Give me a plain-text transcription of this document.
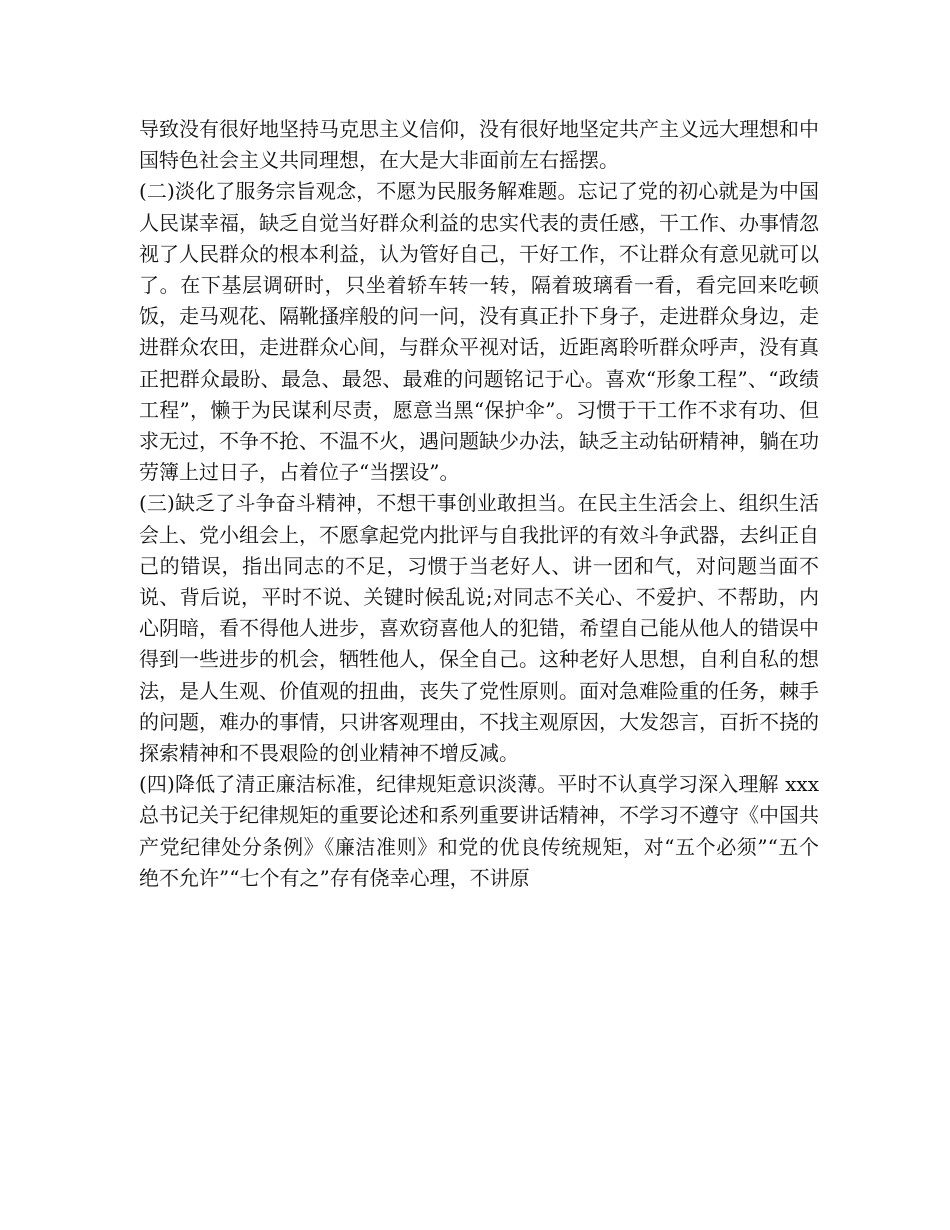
导致没有很好地坚持马克思主义信仰，没有很好地坚定共产主义远大理想和中国特色社会主义共同理想，在大是大非面前左右摇摆。

(二)淡化了服务宗旨观念，不愿为民服务解难题。忘记了党的初心就是为中国人民谋幸福，缺乏自觉当好群众利益的忠实代表的责任感，干工作、办事情忽视了人民群众的根本利益，认为管好自己，干好工作，不让群众有意见就可以了。在下基层调研时，只坐着轿车转一转，隔着玻璃看一看，看完回来吃顿饭，走马观花、隔靴搔痒般的问一问，没有真正扑下身子，走进群众身边，走进群众农田，走进群众心间，与群众平视对话，近距离聆听群众呼声，没有真正把群众最盼、最急、最怨、最难的问题铭记于心。喜欢“形象工程”、“政绩工程”，懒于为民谋利尽责，愿意当黑“保护伞”。习惯于干工作不求有功、但求无过，不争不抢、不温不火，遇问题缺少办法，缺乏主动钻研精神，躺在功劳簿上过日子，占着位子“当摆设”。

(三)缺乏了斗争奋斗精神，不想干事创业敢担当。在民主生活会上、组织生活会上、党小组会上，不愿拿起党内批评与自我批评的有效斗争武器，去纠正自己的错误，指出同志的不足，习惯于当老好人、讲一团和气，对问题当面不说、背后说，平时不说、关键时候乱说;对同志不关心、不爱护、不帮助，内心阴暗，看不得他人进步，喜欢窃喜他人的犯错，希望自己能从他人的错误中得到一些进步的机会，牺牲他人，保全自己。这种老好人思想，自利自私的想法，是人生观、价值观的扭曲，丧失了党性原则。面对急难险重的任务，棘手的问题，难办的事情，只讲客观理由，不找主观原因，大发怨言，百折不挠的探索精神和不畏艰险的创业精神不增反减。

(四)降低了清正廉洁标准，纪律规矩意识淡薄。平时不认真学习深入理解 xxx 总书记关于纪律规矩的重要论述和系列重要讲话精神，不学习不遵守《中国共产党纪律处分条例》《廉洁准则》和党的优良传统规矩，对“五个必须”“五个绝不允许”“七个有之”存有侥幸心理，不讲原
